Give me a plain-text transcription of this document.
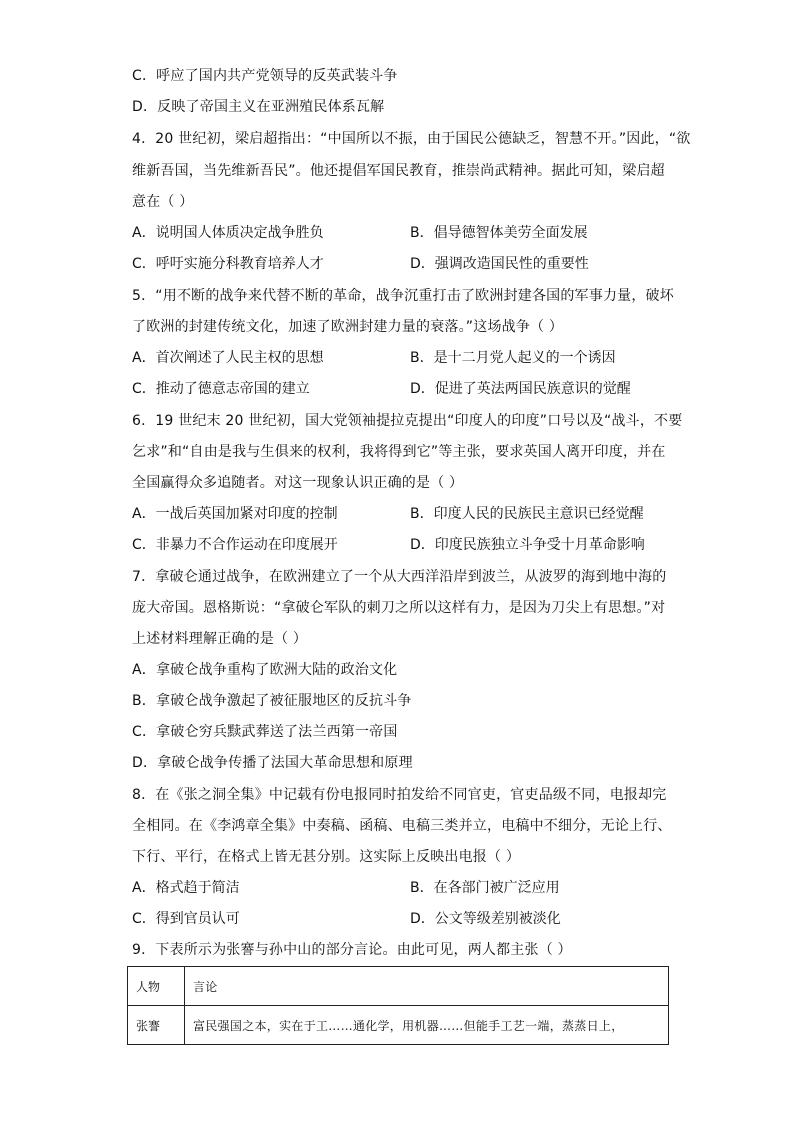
C．呼应了国内共产党领导的反英武装斗争
D．反映了帝国主义在亚洲殖民体系瓦解
4．20 世纪初，梁启超指出：“中国所以不振，由于国民公德缺乏，智慧不开。”因此，“欲
维新吾国，当先维新吾民”。他还提倡军国民教育，推崇尚武精神。据此可知，梁启超
意在（ ）
A．说明国人体质决定战争胜负	B．倡导德智体美劳全面发展
C．呼吁实施分科教育培养人才	D．强调改造国民性的重要性
5．“用不断的战争来代替不断的革命，战争沉重打击了欧洲封建各国的军事力量，破坏
了欧洲的封建传统文化，加速了欧洲封建力量的衰落。”这场战争（ ）
A．首次阐述了人民主权的思想	B．是十二月党人起义的一个诱因
C．推动了德意志帝国的建立	D．促进了英法两国民族意识的觉醒
6．19 世纪末 20 世纪初，国大党领袖提拉克提出“印度人的印度”口号以及“战斗，不要
乞求”和“自由是我与生俱来的权利，我将得到它”等主张，要求英国人离开印度，并在
全国赢得众多追随者。对这一现象认识正确的是（ ）
A．一战后英国加紧对印度的控制	B．印度人民的民族民主意识已经觉醒
C．非暴力不合作运动在印度展开	D．印度民族独立斗争受十月革命影响
7．拿破仑通过战争，在欧洲建立了一个从大西洋沿岸到波兰，从波罗的海到地中海的
庞大帝国。恩格斯说：“拿破仑军队的刺刀之所以这样有力，是因为刀尖上有思想。”对
上述材料理解正确的是（ ）
A．拿破仑战争重构了欧洲大陆的政治文化
B．拿破仑战争激起了被征服地区的反抗斗争
C．拿破仑穷兵黩武葬送了法兰西第一帝国
D．拿破仑战争传播了法国大革命思想和原理
8．在《张之洞全集》中记载有份电报同时拍发给不同官吏，官吏品级不同，电报却完
全相同。在《李鸿章全集》中奏稿、函稿、电稿三类并立，电稿中不细分，无论上行、
下行、平行，在格式上皆无甚分别。这实际上反映出电报（ ）
A．格式趋于简洁	B．在各部门被广泛应用
C．得到官员认可	D．公文等级差别被淡化
9．下表所示为张謇与孙中山的部分言论。由此可见，两人都主张（ ）
人物	言论
张謇	富民强国之本，实在于工……通化学，用机器……但能手工艺一端，蒸蒸日上，
